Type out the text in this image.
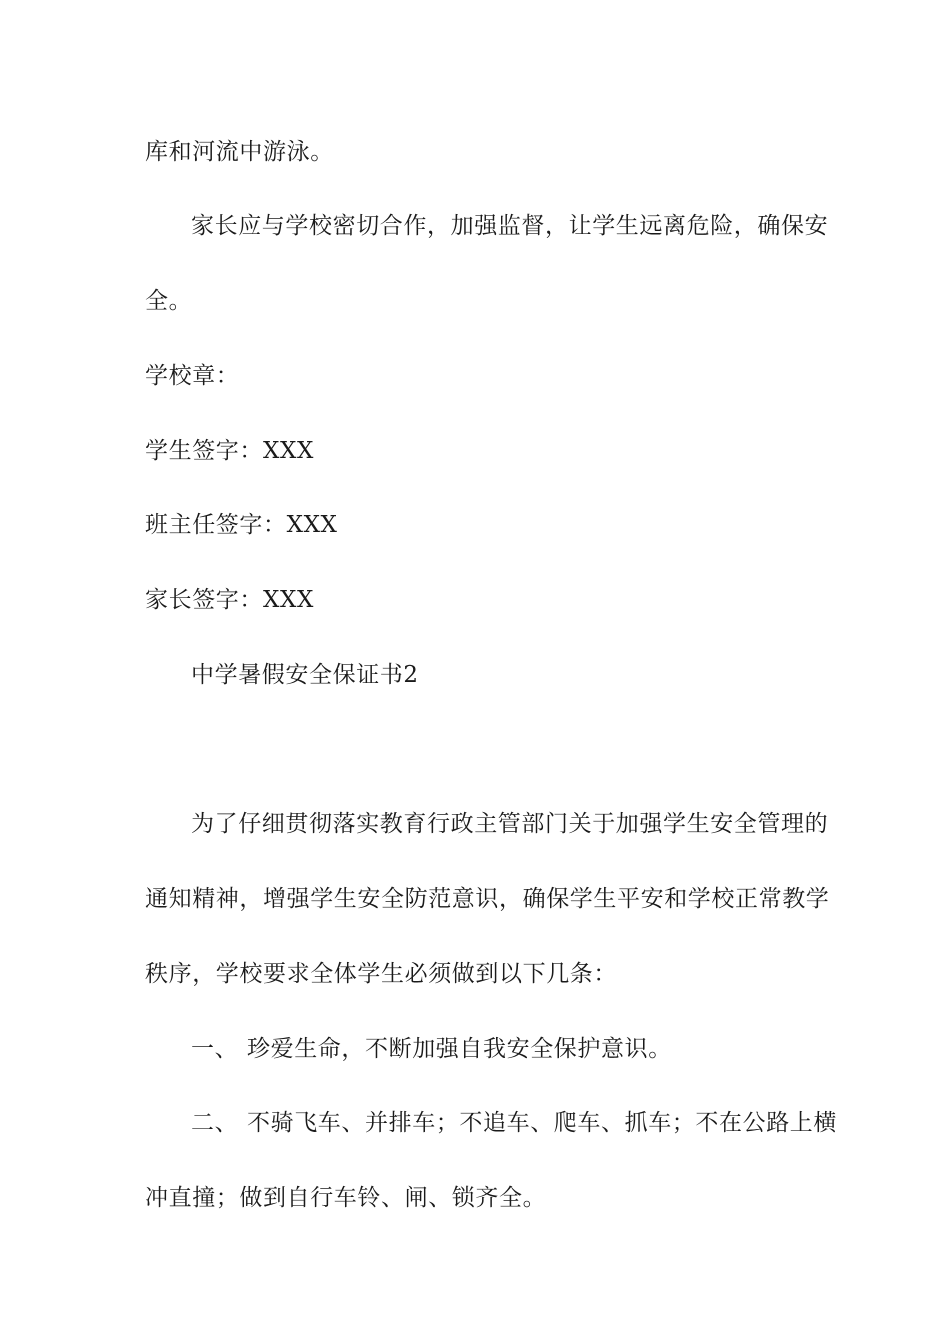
库和河流中游泳。
家长应与学校密切合作，加强监督，让学生远离危险，确保安
全。
学校章：
学生签字：XXX
班主任签字：XXX
家长签字：XXX
中学暑假安全保证书2
为了仔细贯彻落实教育行政主管部门关于加强学生安全管理的
通知精神，增强学生安全防范意识，确保学生平安和学校正常教学
秩序，学校要求全体学生必须做到以下几条：
一、 珍爱生命，不断加强自我安全保护意识。
二、 不骑飞车、并排车；不追车、爬车、抓车；不在公路上横
冲直撞；做到自行车铃、闸、锁齐全。
